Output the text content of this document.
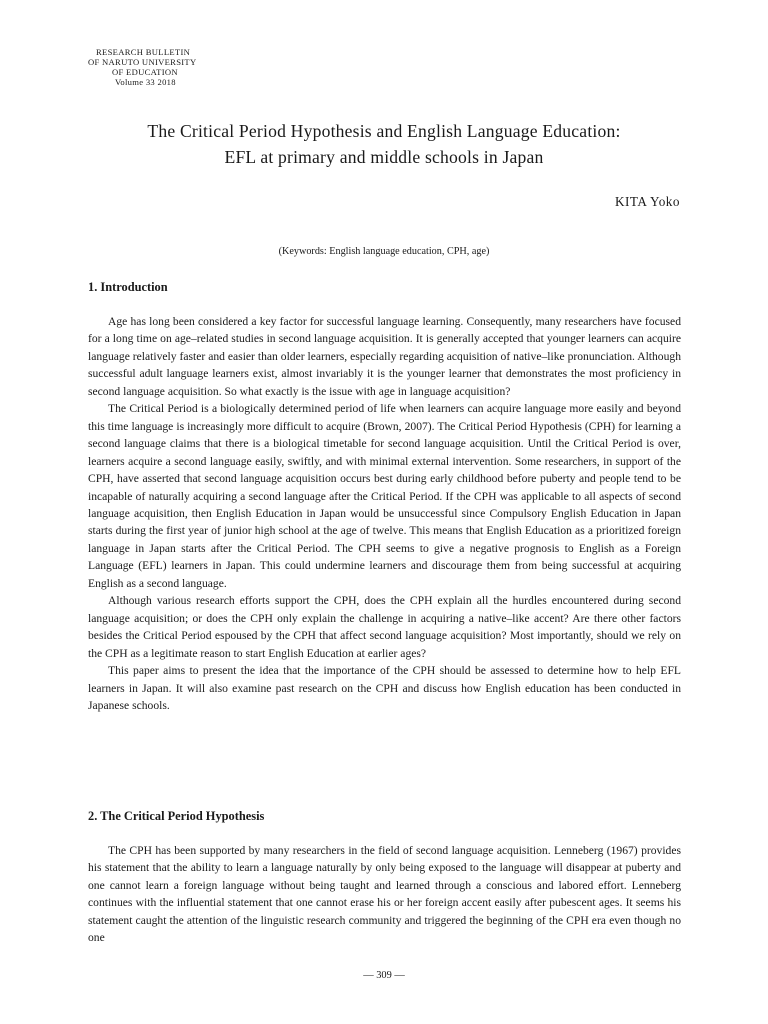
RESEARCH BULLETIN
OF NARUTO UNIVERSITY
OF EDUCATION
Volume 33 2018
The Critical Period Hypothesis and English Language Education:
EFL at primary and middle schools in Japan
KITA Yoko
(Keywords: English language education, CPH, age)
1. Introduction

Age has long been considered a key factor for successful language learning. Consequently, many researchers have focused for a long time on age–related studies in second language acquisition. It is generally accepted that younger learners can acquire language relatively faster and easier than older learners, especially regarding acquisition of native–like pronunciation. Although successful adult language learners exist, almost invariably it is the younger learner that demonstrates the most proficiency in second language acquisition. So what exactly is the issue with age in language acquisition?

The Critical Period is a biologically determined period of life when learners can acquire language more easily and beyond this time language is increasingly more difficult to acquire (Brown, 2007). The Critical Period Hypothesis (CPH) for learning a second language claims that there is a biological timetable for second language acquisition. Until the Critical Period is over, learners acquire a second language easily, swiftly, and with minimal external intervention. Some researchers, in support of the CPH, have asserted that second language acquisition occurs best during early childhood before puberty and people tend to be incapable of naturally acquiring a second language after the Critical Period. If the CPH was applicable to all aspects of second language acquisition, then English Education in Japan would be unsuccessful since Compulsory English Education in Japan starts during the first year of junior high school at the age of twelve. This means that English Education as a prioritized foreign language in Japan starts after the Critical Period. The CPH seems to give a negative prognosis to English as a Foreign Language (EFL) learners in Japan. This could undermine learners and discourage them from being successful at acquiring English as a second language.

Although various research efforts support the CPH, does the CPH explain all the hurdles encountered during second language acquisition; or does the CPH only explain the challenge in acquiring a native–like accent? Are there other factors besides the Critical Period espoused by the CPH that affect second language acquisition? Most importantly, should we rely on the CPH as a legitimate reason to start English Education at earlier ages?

This paper aims to present the idea that the importance of the CPH should be assessed to determine how to help EFL learners in Japan. It will also examine past research on the CPH and discuss how English education has been conducted in Japanese schools.

2. The Critical Period Hypothesis

The CPH has been supported by many researchers in the field of second language acquisition. Lenneberg (1967) provides his statement that the ability to learn a language naturally by only being exposed to the language will disappear at puberty and one cannot learn a foreign language without being taught and learned through a conscious and labored effort. Lenneberg continues with the influential statement that one cannot erase his or her foreign accent easily after pubescent ages. It seems his statement caught the attention of the linguistic research community and triggered the beginning of the CPH era even though no one

— 309 —
